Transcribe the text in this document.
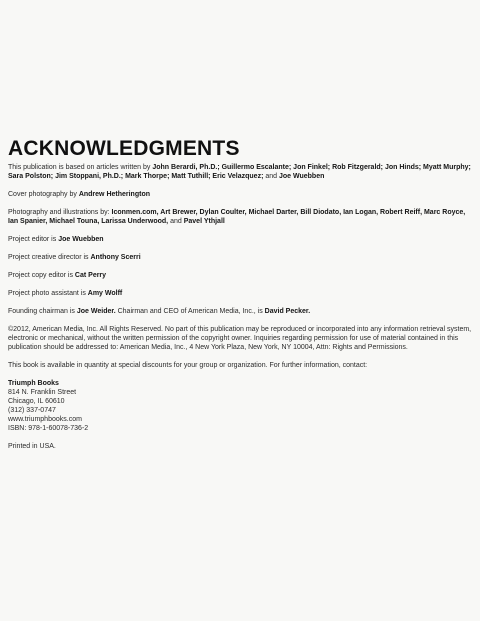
ACKNOWLEDGMENTS
This publication is based on articles written by John Berardi, Ph.D.; Guillermo Escalante; Jon Finkel; Rob Fitzgerald; Jon Hinds; Myatt Murphy; Sara Polston; Jim Stoppani, Ph.D.; Mark Thorpe; Matt Tuthill; Eric Velazquez; and Joe Wuebben
Cover photography by Andrew Hetherington
Photography and illustrations by: Iconmen.com, Art Brewer, Dylan Coulter, Michael Darter, Bill Diodato, Ian Logan, Robert Reiff, Marc Royce, Ian Spanier, Michael Touna, Larissa Underwood, and Pavel Ythjall
Project editor is Joe Wuebben
Project creative director is Anthony Scerri
Project copy editor is Cat Perry
Project photo assistant is Amy Wolff
Founding chairman is Joe Weider. Chairman and CEO of American Media, Inc., is David Pecker.
©2012, American Media, Inc. All Rights Reserved. No part of this publication may be reproduced or incorporated into any information retrieval system, electronic or mechanical, without the written permission of the copyright owner. Inquiries regarding permission for use of material contained in this publication should be addressed to: American Media, Inc., 4 New York Plaza, New York, NY 10004, Attn: Rights and Permissions.
This book is available in quantity at special discounts for your group or organization. For further information, contact:
Triumph Books
814 N. Franklin Street
Chicago, IL 60610
(312) 337-0747
www.triumphbooks.com
ISBN: 978-1-60078-736-2
Printed in USA.
